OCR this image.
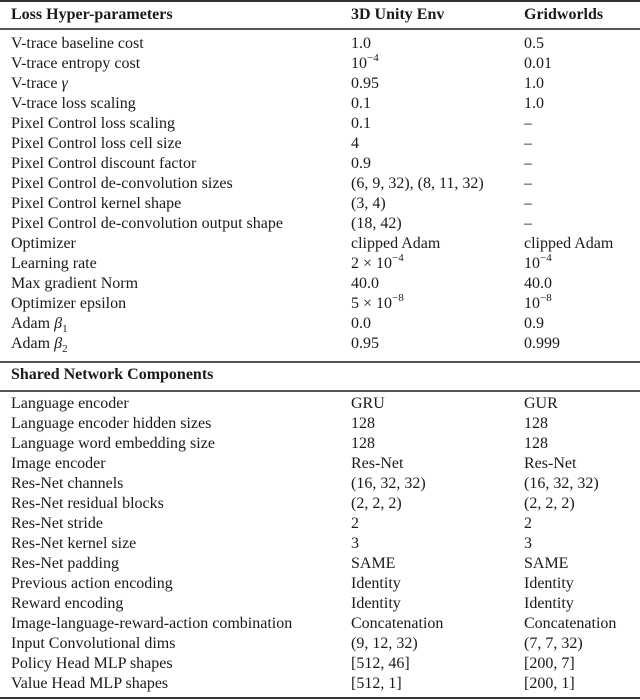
Loss Hyper-parameters	3D Unity Env	Gridworlds
V-trace baseline cost	1.0	0.5
V-trace entropy cost	$10^{-4}$	0.01
V-trace γ	0.95	1.0
V-trace loss scaling	0.1	1.0
Pixel Control loss scaling	0.1	–
Pixel Control loss cell size	4	–
Pixel Control discount factor	0.9	–
Pixel Control de-convolution sizes	(6, 9, 32), (8, 11, 32)	–
Pixel Control kernel shape	(3, 4)	–
Pixel Control de-convolution output shape	(18, 42)	–
Optimizer	clipped Adam	clipped Adam
Learning rate	$2 \times 10^{-4}$	$10^{-4}$
Max gradient Norm	40.0	40.0
Optimizer epsilon	$5 \times 10^{-8}$	$10^{-8}$
Adam $\beta_1$	0.0	0.9
Adam $\beta_2$	0.95	0.999
Shared Network Components
Language encoder	GRU	GUR
Language encoder hidden sizes	128	128
Language word embedding size	128	128
Image encoder	Res-Net	Res-Net
Res-Net channels	(16, 32, 32)	(16, 32, 32)
Res-Net residual blocks	(2, 2, 2)	(2, 2, 2)
Res-Net stride	2	2
Res-Net kernel size	3	3
Res-Net padding	SAME	SAME
Previous action encoding	Identity	Identity
Reward encoding	Identity	Identity
Image-language-reward-action combination	Concatenation	Concatenation
Input Convolutional dims	(9, 12, 32)	(7, 7, 32)
Policy Head MLP shapes	[512, 46]	[200, 7]
Value Head MLP shapes	[512, 1]	[200, 1]
